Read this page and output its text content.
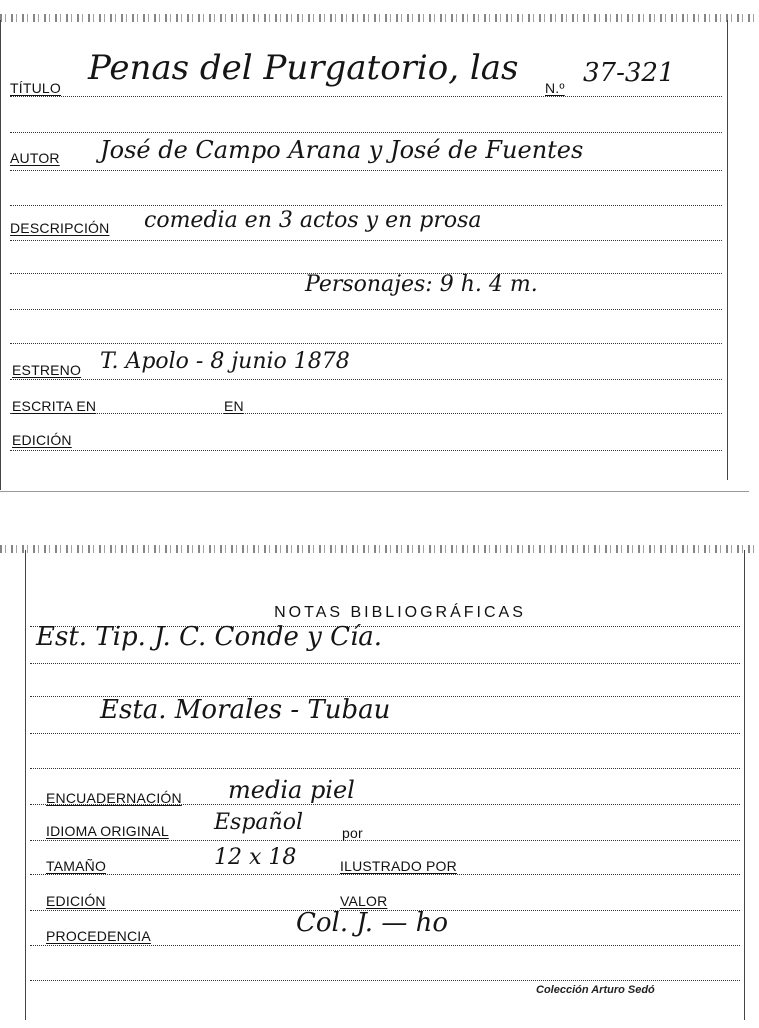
TÍTULO Penas del Purgatorio, las N.º 37-321
AUTOR José de Campo Arana y José de Fuentes
DESCRIPCIÓN comedia en 3 actos y en prosa
Personajes: 9 h. 4 m.
ESTRENO T. Apolo - 8 junio 1878
ESCRITA EN	EN
EDICIÓN
NOTAS BIBLIOGRÁFICAS
Est. Tip. J. C. Conde y Cía.
Esta. Morales - Tubau
ENCUADERNACIÓN media piel
IDIOMA ORIGINAL Español	por
TAMAÑO	12 x 18	ILUSTRADO POR
EDICIÓN	VALOR
PROCEDENCIA	Col. J. — ho
Colección Arturo Sedó
